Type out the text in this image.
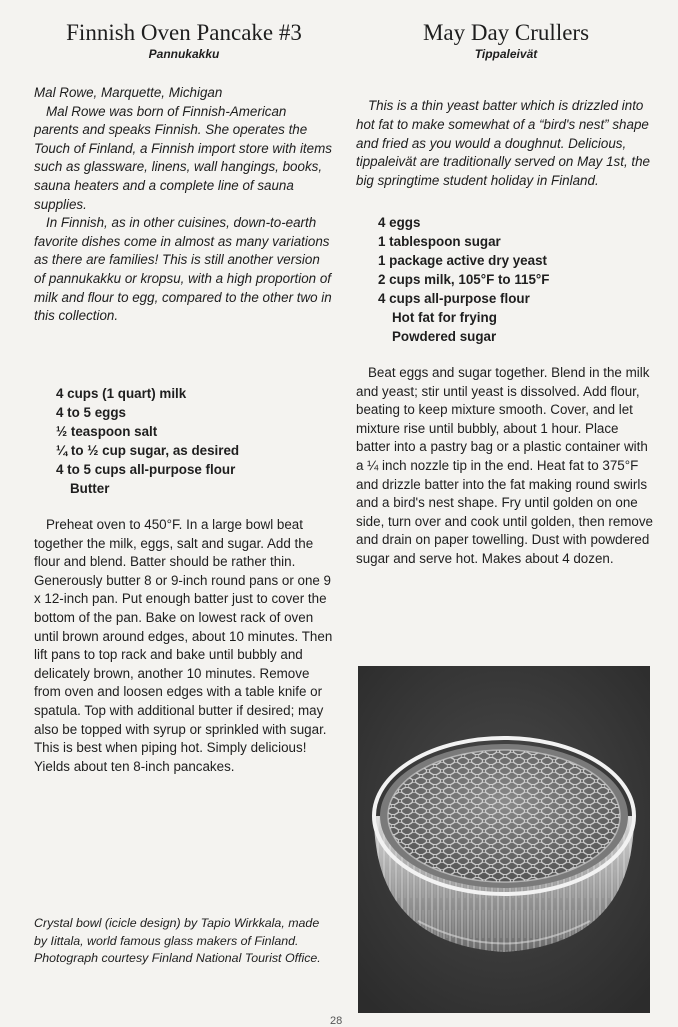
Finnish Oven Pancake #3
Pannukakku

Mal Rowe, Marquette, Michigan

Mal Rowe was born of Finnish-American parents and speaks Finnish. She operates the Touch of Finland, a Finnish import store with items such as glassware, linens, wall hangings, books, sauna heaters and a complete line of sauna supplies.

In Finnish, as in other cuisines, down-to-earth favorite dishes come in almost as many variations as there are families! This is still another version of pannukakku or kropsu, with a high proportion of milk and flour to egg, compared to the other two in this collection.

4 cups (1 quart) milk
4 to 5 eggs
½ teaspoon salt
¼ to ½ cup sugar, as desired
4 to 5 cups all-purpose flour
Butter

Preheat oven to 450°F. In a large bowl beat together the milk, eggs, salt and sugar. Add the flour and blend. Batter should be rather thin. Generously butter 8 or 9-inch round pans or one 9 x 12-inch pan. Put enough batter just to cover the bottom of the pan. Bake on lowest rack of oven until brown around edges, about 10 minutes. Then lift pans to top rack and bake until bubbly and delicately brown, another 10 minutes. Remove from oven and loosen edges with a table knife or spatula. Top with additional butter if desired; may also be topped with syrup or sprinkled with sugar. This is best when piping hot. Simply delicious! Yields about ten 8-inch pancakes.

Crystal bowl (icicle design) by Tapio Wirkkala, made by Iittala, world famous glass makers of Finland. Photograph courtesy Finland National Tourist Office.

May Day Crullers
Tippaleivät

This is a thin yeast batter which is drizzled into hot fat to make somewhat of a “bird's nest” shape and fried as you would a doughnut. Delicious, tippaleivät are traditionally served on May 1st, the big springtime student holiday in Finland.

4 eggs
1 tablespoon sugar
1 package active dry yeast
2 cups milk, 105°F to 115°F
4 cups all-purpose flour
Hot fat for frying
Powdered sugar

Beat eggs and sugar together. Blend in the milk and yeast; stir until yeast is dissolved. Add flour, beating to keep mixture smooth. Cover, and let mixture rise until bubbly, about 1 hour. Place batter into a pastry bag or a plastic container with a ¼ inch nozzle tip in the end. Heat fat to 375°F and drizzle batter into the fat making round swirls and a bird's nest shape. Fry until golden on one side, turn over and cook until golden, then remove and drain on paper towelling. Dust with powdered sugar and serve hot. Makes about 4 dozen.

28
